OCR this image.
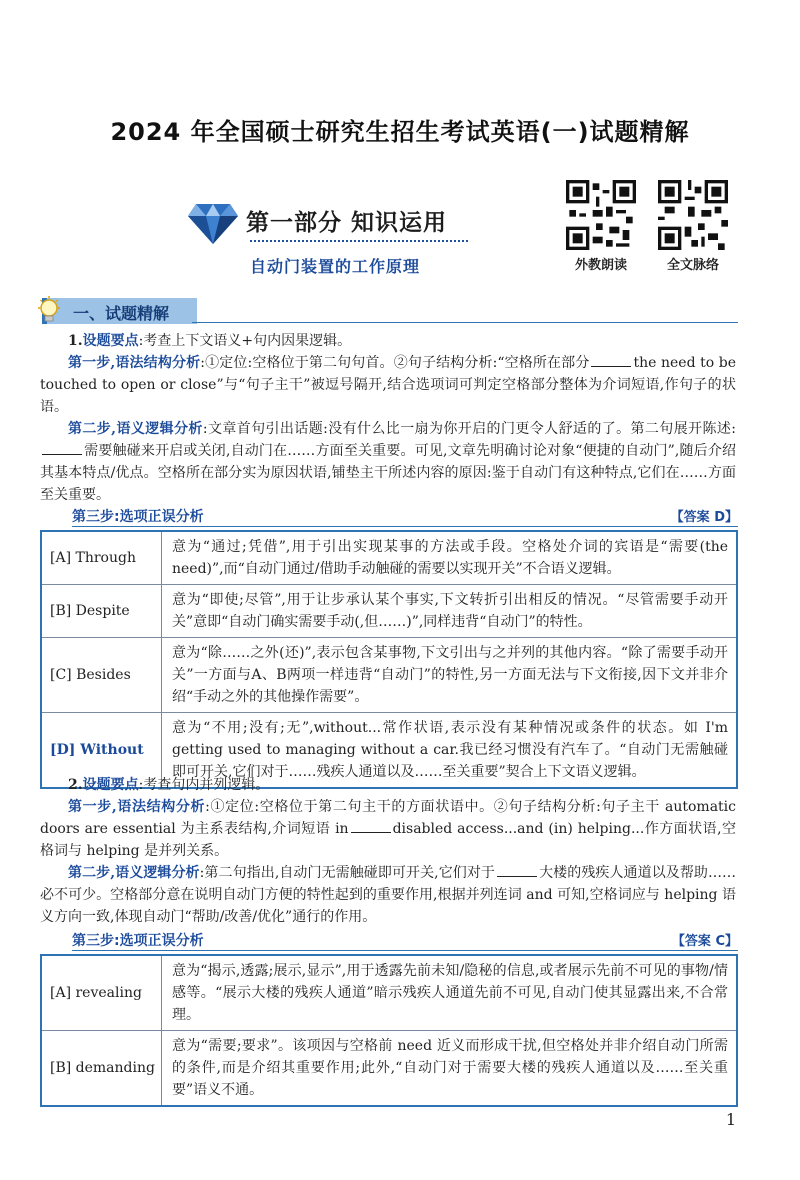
2024 年全国硕士研究生招生考试英语(一)试题精解
第一部分 知识运用
自动门装置的工作原理	外教朗读	全文脉络
一、试题精解
1.设题要点:考查上下文语义+句内因果逻辑。
第一步,语法结构分析:①定位:空格位于第二句句首。②句子结构分析:“空格所在部分	the need to be touched to open or close”与“句子主干”被逗号隔开,结合选项词可判定空格部分整体为介词短语,作句子的状语。
第二步,语义逻辑分析:文章首句引出话题:没有什么比一扇为你开启的门更令人舒适的了。第二句展开陈述:需要触碰来开启或关闭,自动门在……方面至关重要。可见,文章先明确讨论对象“便捷的自动门”,随后介绍其基本特点/优点。空格所在部分实为原因状语,铺垫主干所述内容的原因:鉴于自动门有这种特点,它们在……方面至关重要。
第三步:选项正误分析	【答案 D】
[A] Through	意为“通过;凭借”,用于引出实现某事的方法或手段。空格处介词的宾语是“需要(the need)”,而“自动门通过/借助手动触碰的需要以实现开关”不合语义逻辑。
[B] Despite	意为“即使;尽管”,用于让步承认某个事实,下文转折引出相反的情况。“尽管需要手动开关”意即“自动门确实需要手动(,但……)”,同样违背“自动门”的特性。
[C] Besides	意为“除……之外(还)”,表示包含某事物,下文引出与之并列的其他内容。“除了需要手动开关”一方面与A、B两项一样违背“自动门”的特性,另一方面无法与下文衔接,因下文并非介绍“手动之外的其他操作需要”。
[D] Without	意为“不用;没有;无”,without...常作状语,表示没有某种情况或条件的状态。如 I'm getting used to managing without a car.我已经习惯没有汽车了。“自动门无需触碰即可开关,它们对于……残疾人通道以及……至关重要”契合上下文语义逻辑。
2.设题要点:考查句内并列逻辑。
第一步,语法结构分析:①定位:空格位于第二句主干的方面状语中。②句子结构分析:句子主干 automatic doors are essential 为主系表结构,介词短语 in	disabled access...and (in) helping...作方面状语,空格词与 helping 是并列关系。
第二步,语义逻辑分析:第二句指出,自动门无需触碰即可开关,它们对于	大楼的残疾人通道以及帮助……必不可少。空格部分意在说明自动门方便的特性起到的重要作用,根据并列连词 and 可知,空格词应与 helping 语义方向一致,体现自动门“帮助/改善/优化”通行的作用。
第三步:选项正误分析	【答案 C】
[A] revealing	意为“揭示,透露;展示,显示”,用于透露先前未知/隐秘的信息,或者展示先前不可见的事物/情感等。“展示大楼的残疾人通道”暗示残疾人通道先前不可见,自动门使其显露出来,不合常理。
[B] demanding	意为“需要;要求”。该项因与空格前 need 近义而形成干扰,但空格处并非介绍自动门所需的条件,而是介绍其重要作用;此外,“自动门对于需要大楼的残疾人通道以及……至关重要”语义不通。
1
